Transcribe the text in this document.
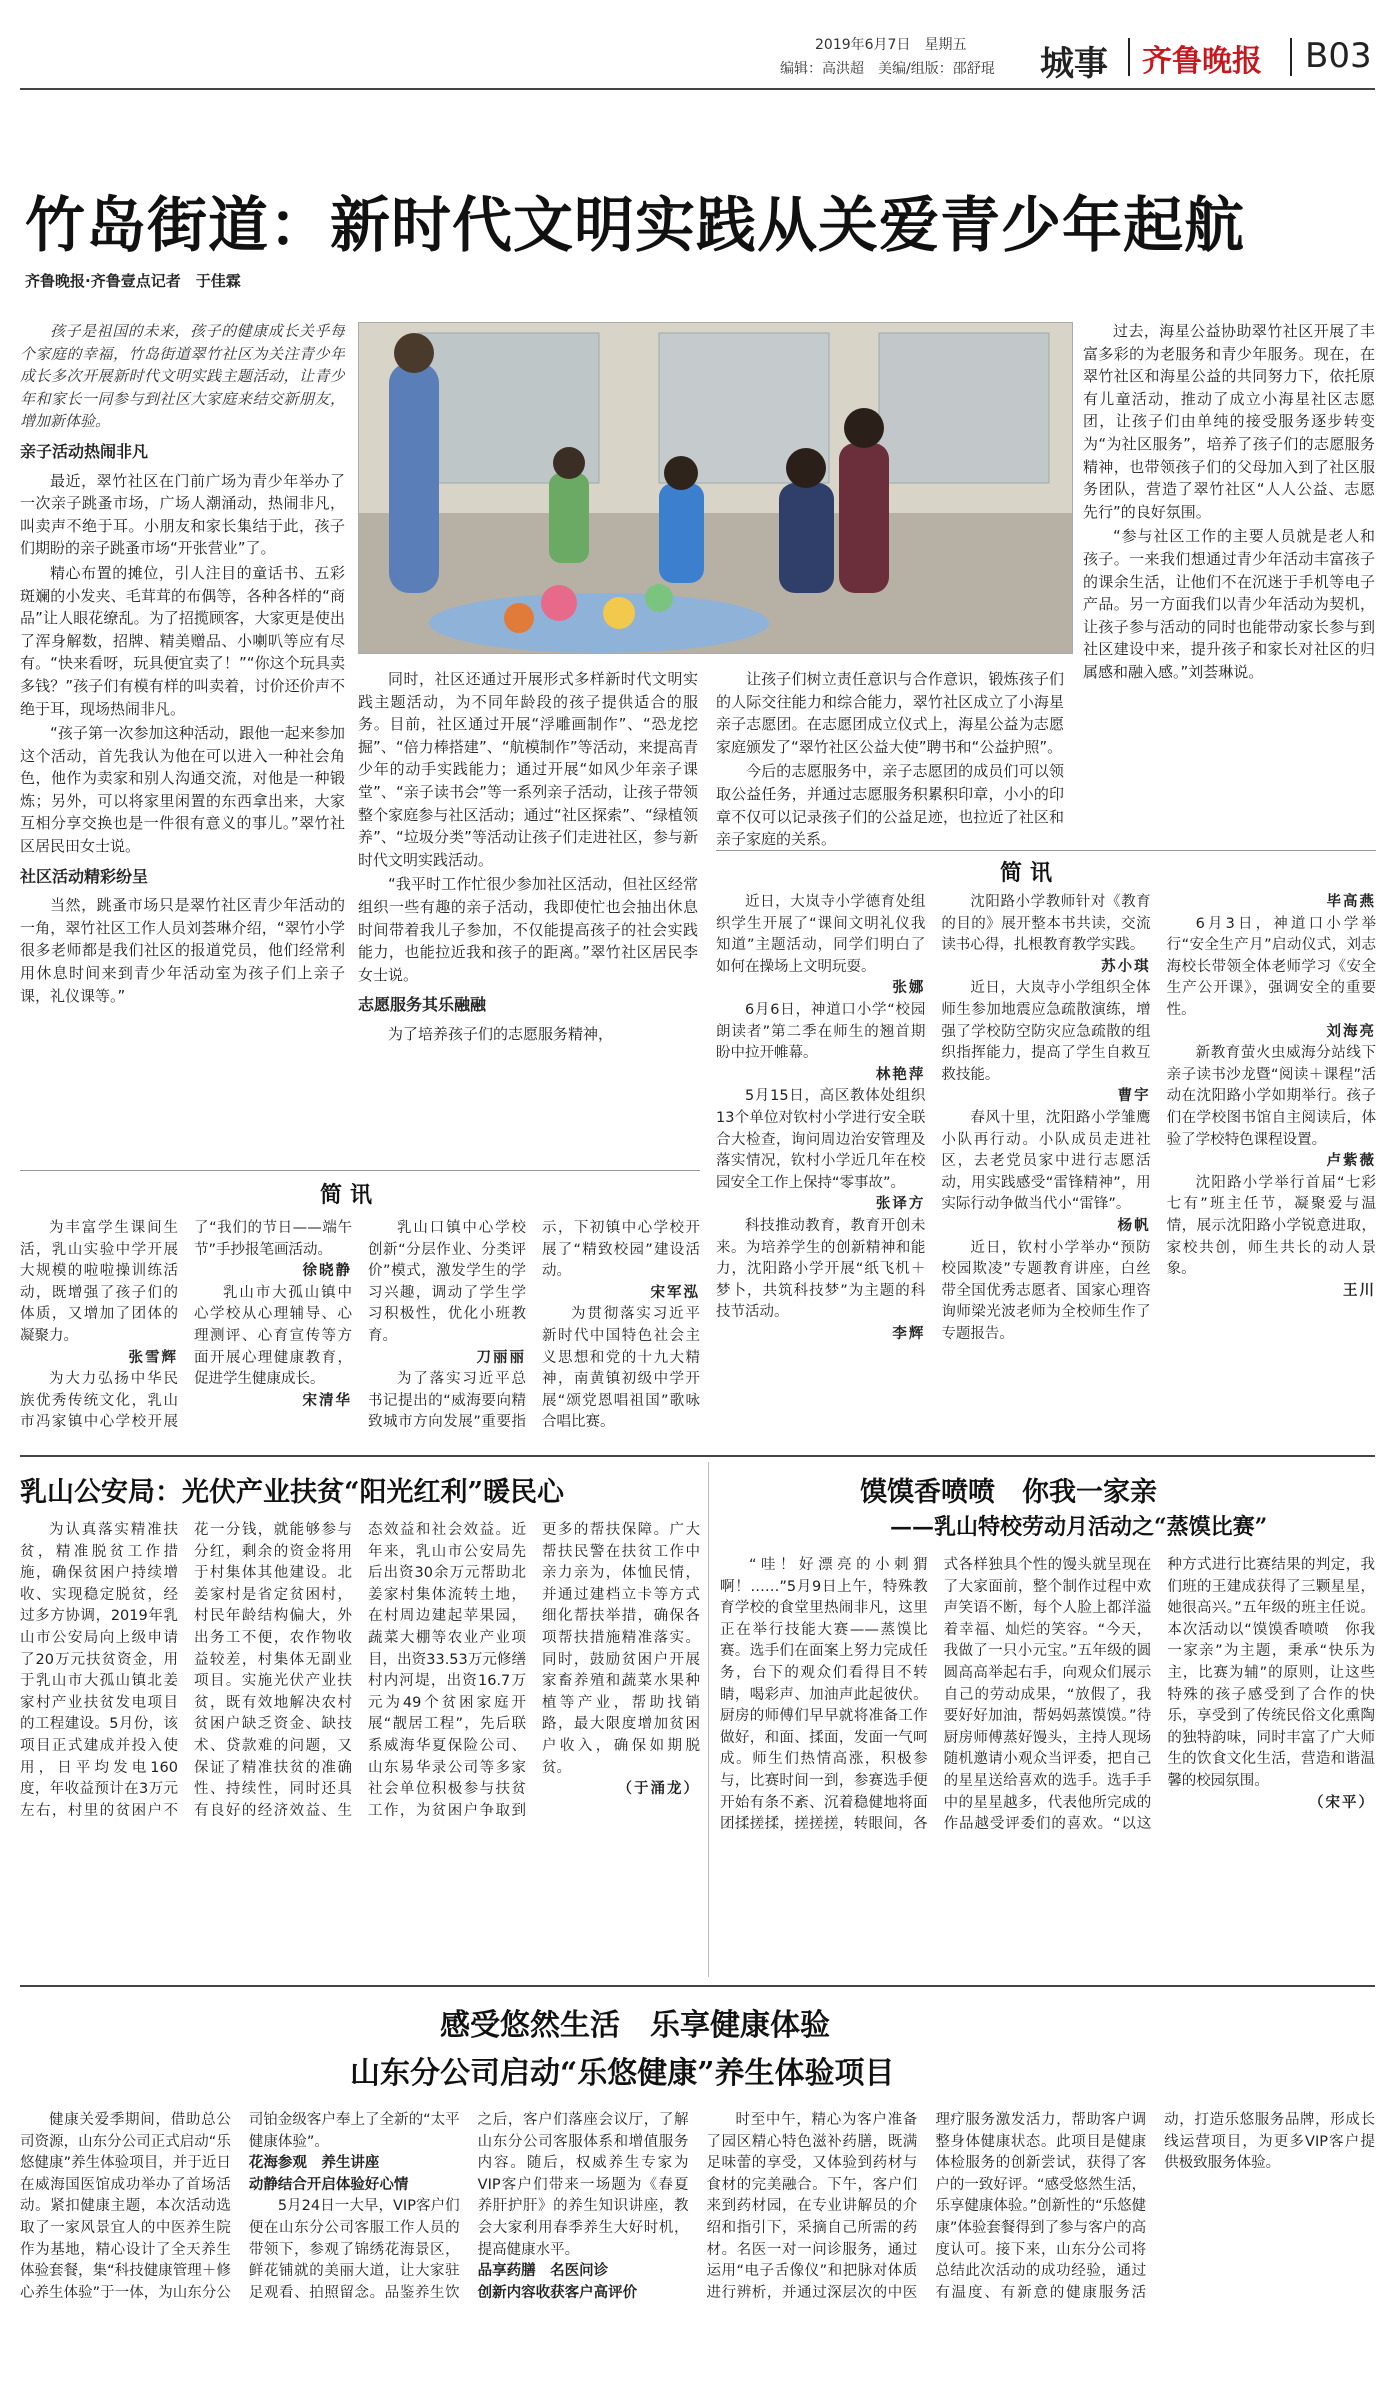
2019年6月7日　星期五
编辑：高洪超　美编/组版：邵舒琨 城事 齐鲁晚报 B03
竹岛街道：新时代文明实践从关爱青少年起航
齐鲁晚报·齐鲁壹点记者　于佳霖

孩子是祖国的未来，孩子的健康成长关乎每个家庭的幸福，竹岛街道翠竹社区为关注青少年成长多次开展新时代文明实践主题活动，让青少年和家长一同参与到社区大家庭来结交新朋友，增加新体验。

亲子活动热闹非凡

最近，翠竹社区在门前广场为青少年举办了一次亲子跳蚤市场，广场人潮涌动，热闹非凡，叫卖声不绝于耳。小朋友和家长集结于此，孩子们期盼的亲子跳蚤市场“开张营业”了。

精心布置的摊位，引人注目的童话书、五彩斑斓的小发夹、毛茸茸的布偶等，各种各样的“商品”让人眼花缭乱。为了招揽顾客，大家更是使出了浑身解数，招牌、精美赠品、小喇叭等应有尽有。“快来看呀，玩具便宜卖了！”“你这个玩具卖多钱？”孩子们有模有样的叫卖着，讨价还价声不绝于耳，现场热闹非凡。

“孩子第一次参加这种活动，跟他一起来参加这个活动，首先我认为他在可以进入一种社会角色，他作为卖家和别人沟通交流，对他是一种锻炼；另外，可以将家里闲置的东西拿出来，大家互相分享交换也是一件很有意义的事儿。”翠竹社区居民田女士说。

社区活动精彩纷呈

当然，跳蚤市场只是翠竹社区青少年活动的一角，翠竹社区工作人员刘荟琳介绍，“翠竹小学很多老师都是我们社区的报道党员，他们经常利用休息时间来到青少年活动室为孩子们上亲子课，礼仪课等。”

同时，社区还通过开展形式多样新时代文明实践主题活动，为不同年龄段的孩子提供适合的服务。目前，社区通过开展“浮雕画制作”、“恐龙挖掘”、“倍力棒搭建”、“航模制作”等活动，来提高青少年的动手实践能力；通过开展“如风少年亲子课堂”、“亲子读书会”等一系列亲子活动，让孩子带领整个家庭参与社区活动；通过“社区探索”、“绿植领养”、“垃圾分类”等活动让孩子们走进社区，参与新时代文明实践活动。

“我平时工作忙很少参加社区活动，但社区经常组织一些有趣的亲子活动，我即使忙也会抽出休息时间带着我儿子参加，不仅能提高孩子的社会实践能力，也能拉近我和孩子的距离。”翠竹社区居民李女士说。

志愿服务其乐融融

为了培养孩子们的志愿服务精神，

让孩子们树立责任意识与合作意识，锻炼孩子们的人际交往能力和综合能力，翠竹社区成立了小海星亲子志愿团。在志愿团成立仪式上，海星公益为志愿家庭颁发了“翠竹社区公益大使”聘书和“公益护照”。

今后的志愿服务中，亲子志愿团的成员们可以领取公益任务，并通过志愿服务积累积印章，小小的印章不仅可以记录孩子们的公益足迹，也拉近了社区和亲子家庭的关系。

过去，海星公益协助翠竹社区开展了丰富多彩的为老服务和青少年服务。现在，在翠竹社区和海星公益的共同努力下，依托原有儿童活动，推动了成立小海星社区志愿团，让孩子们由单纯的接受服务逐步转变为“为社区服务”，培养了孩子们的志愿服务精神，也带领孩子们的父母加入到了社区服务团队，营造了翠竹社区“人人公益、志愿先行”的良好氛围。

“参与社区工作的主要人员就是老人和孩子。一来我们想通过青少年活动丰富孩子的课余生活，让他们不在沉迷于手机等电子产品。另一方面我们以青少年活动为契机，让孩子参与活动的同时也能带动家长参与到社区建设中来，提升孩子和家长对社区的归属感和融入感。”刘荟琳说。

简讯

近日，大岚寺小学德育处组织学生开展了“课间文明礼仪我知道”主题活动，同学们明白了如何在操场上文明玩耍。

张娜

6月6日，神道口小学“校园朗读者”第二季在师生的翘首期盼中拉开帷幕。

林艳萍

5月15日，高区教体处组织13个单位对钦村小学进行安全联合大检查，询问周边治安管理及落实情况，钦村小学近几年在校园安全工作上保持“零事故”。

张译方

科技推动教育，教育开创未来。为培养学生的创新精神和能力，沈阳路小学开展“纸飞机＋梦卜，共筑科技梦”为主题的科技节活动。

李辉

沈阳路小学教师针对《教育的目的》展开整本书共读，交流读书心得，扎根教育教学实践。

苏小琪

近日，大岚寺小学组织全体师生参加地震应急疏散演练，增强了学校防空防灾应急疏散的组织指挥能力，提高了学生自救互救技能。

曹宇

春风十里，沈阳路小学雏鹰小队再行动。小队成员走进社区，去老党员家中进行志愿活动，用实践感受“雷锋精神”，用实际行动争做当代小“雷锋”。

杨帆

近日，钦村小学举办“预防校园欺凌”专题教育讲座，白丝带全国优秀志愿者、国家心理咨询师梁光波老师为全校师生作了专题报告。

毕高燕

6月3日，神道口小学举行“安全生产月”启动仪式，刘志海校长带领全体老师学习《安全生产公开课》，强调安全的重要性。

刘海亮

新教育萤火虫威海分站线下亲子读书沙龙暨“阅读＋课程”活动在沈阳路小学如期举行。孩子们在学校图书馆自主阅读后，体验了学校特色课程设置。

卢紫薇

沈阳路小学举行首届“七彩七有”班主任节，凝聚爱与温情，展示沈阳路小学锐意进取，家校共创，师生共长的动人景象。

王川

简讯

为丰富学生课间生活，乳山实验中学开展大规模的啦啦操训练活动，既增强了孩子们的体质，又增加了团体的凝聚力。

张雪辉

为大力弘扬中华民族优秀传统文化，乳山市冯家镇中心学校开展了“我们的节日——端午节”手抄报笔画活动。

徐晓静

乳山市大孤山镇中心学校从心理辅导、心理测评、心育宣传等方面开展心理健康教育，促进学生健康成长。

宋清华

乳山口镇中心学校创新“分层作业、分类评价”模式，激发学生的学习兴趣，调动了学生学习积极性，优化小班教育。

刀丽丽

为了落实习近平总书记提出的“威海要向精致城市方向发展”重要指示，下初镇中心学校开展了“精致校园”建设活动。

宋军泓

为贯彻落实习近平新时代中国特色社会主义思想和党的十九大精神，南黄镇初级中学开展“颂党恩唱祖国”歌咏合唱比赛。

乳山公安局：光伏产业扶贫“阳光红利”暖民心

为认真落实精准扶贫，精准脱贫工作措施，确保贫困户持续增收、实现稳定脱贫，经过多方协调，2019年乳山市公安局向上级申请了20万元扶贫资金，用于乳山市大孤山镇北姜家村产业扶贫发电项目的工程建设。5月份，该项目正式建成并投入使用，日平均发电160度，年收益预计在3万元左右，村里的贫困户不花一分钱，就能够参与分红，剩余的资金将用于村集体其他建设。北姜家村是省定贫困村，村民年龄结构偏大，外出务工不便，农作物收益较差，村集体无副业项目。实施光伏产业扶贫，既有效地解决农村贫困户缺乏资金、缺技术、贷款难的问题，又保证了精准扶贫的准确性、持续性，同时还具有良好的经济效益、生态效益和社会效益。近年来，乳山市公安局先后出资30余万元帮助北姜家村集体流转土地，在村周边建起苹果园，蔬菜大棚等农业产业项目，出资33.53万元修缮村内河堤，出资16.7万元为49个贫困家庭开展“靓居工程”，先后联系威海华夏保险公司、山东易华录公司等多家社会单位积极参与扶贫工作，为贫困户争取到更多的帮扶保障。广大帮扶民警在扶贫工作中亲力亲为，体恤民情，并通过建档立卡等方式细化帮扶举措，确保各项帮扶措施精准落实。同时，鼓励贫困户开展家畜养殖和蔬菜水果种植等产业，帮助找销路，最大限度增加贫困户收入，确保如期脱贫。

（于涌龙）

馍馍香喷喷　你我一家亲
——乳山特校劳动月活动之“蒸馍比赛”

“哇！好漂亮的小刺猬啊！……”5月9日上午，特殊教育学校的食堂里热闹非凡，这里正在举行技能大赛——蒸馍比赛。选手们在面案上努力完成任务，台下的观众们看得目不转睛，喝彩声、加油声此起彼伏。厨房的师傅们早早就将准备工作做好，和面、揉面，发面一气呵成。师生们热情高涨，积极参与，比赛时间一到，参赛选手便开始有条不紊、沉着稳健地将面团揉搓揉，搓搓搓，转眼间，各式各样独具个性的馒头就呈现在了大家面前，整个制作过程中欢声笑语不断，每个人脸上都洋溢着幸福、灿烂的笑容。“今天，我做了一只小元宝。”五年级的圆圆高高举起右手，向观众们展示自己的劳动成果，“放假了，我要好好加油，帮妈妈蒸馍馍。”待厨房师傅蒸好馒头，主持人现场随机邀请小观众当评委，把自己的星星送给喜欢的选手。选手手中的星星越多，代表他所完成的作品越受评委们的喜欢。“以这种方式进行比赛结果的判定，我们班的王建成获得了三颗星星，她很高兴。”五年级的班主任说。本次活动以“馍馍香喷喷　你我一家亲”为主题，秉承“快乐为主，比赛为辅”的原则，让这些特殊的孩子感受到了合作的快乐，享受到了传统民俗文化熏陶的独特韵味，同时丰富了广大师生的饮食文化生活，营造和谐温馨的校园氛围。

（宋平）

感受悠然生活　乐享健康体验
山东分公司启动“乐悠健康”养生体验项目

健康关爱季期间，借助总公司资源，山东分公司正式启动“乐悠健康”养生体验项目，并于近日在威海国医馆成功举办了首场活动。紧扣健康主题，本次活动选取了一家风景宜人的中医养生院作为基地，精心设计了全天养生体验套餐，集“科技健康管理＋修心养生体验”于一体，为山东分公司铂金级客户奉上了全新的“太平健康体验”。

花海参观　养生讲座

动静结合开启体验好心情

5月24日一大早，VIP客户们便在山东分公司客服工作人员的带领下，参观了锦绣花海景区，鲜花铺就的美丽大道，让大家驻足观看、拍照留念。品鉴养生饮之后，客户们落座会议厅，了解山东分公司客服体系和增值服务内容。随后，权威养生专家为VIP客户们带来一场题为《春夏养肝护肝》的养生知识讲座，教会大家利用春季养生大好时机，提高健康水平。

品享药膳　名医问诊

创新内容收获客户高评价

时至中午，精心为客户准备了园区精心特色滋补药膳，既满足味蕾的享受，又体验到药材与食材的完美融合。下午，客户们来到药材园，在专业讲解员的介绍和指引下，采摘自己所需的药材。名医一对一问诊服务，通过运用“电子舌像仪”和把脉对体质进行辨析，并通过深层次的中医理疗服务激发活力，帮助客户调整身体健康状态。此项目是健康体检服务的创新尝试，获得了客户的一致好评。“感受悠然生活，乐享健康体验。”创新性的“乐悠健康”体验套餐得到了参与客户的高度认可。接下来，山东分公司将总结此次活动的成功经验，通过有温度、有新意的健康服务活动，打造乐悠服务品牌，形成长线运营项目，为更多VIP客户提供极致服务体验。
